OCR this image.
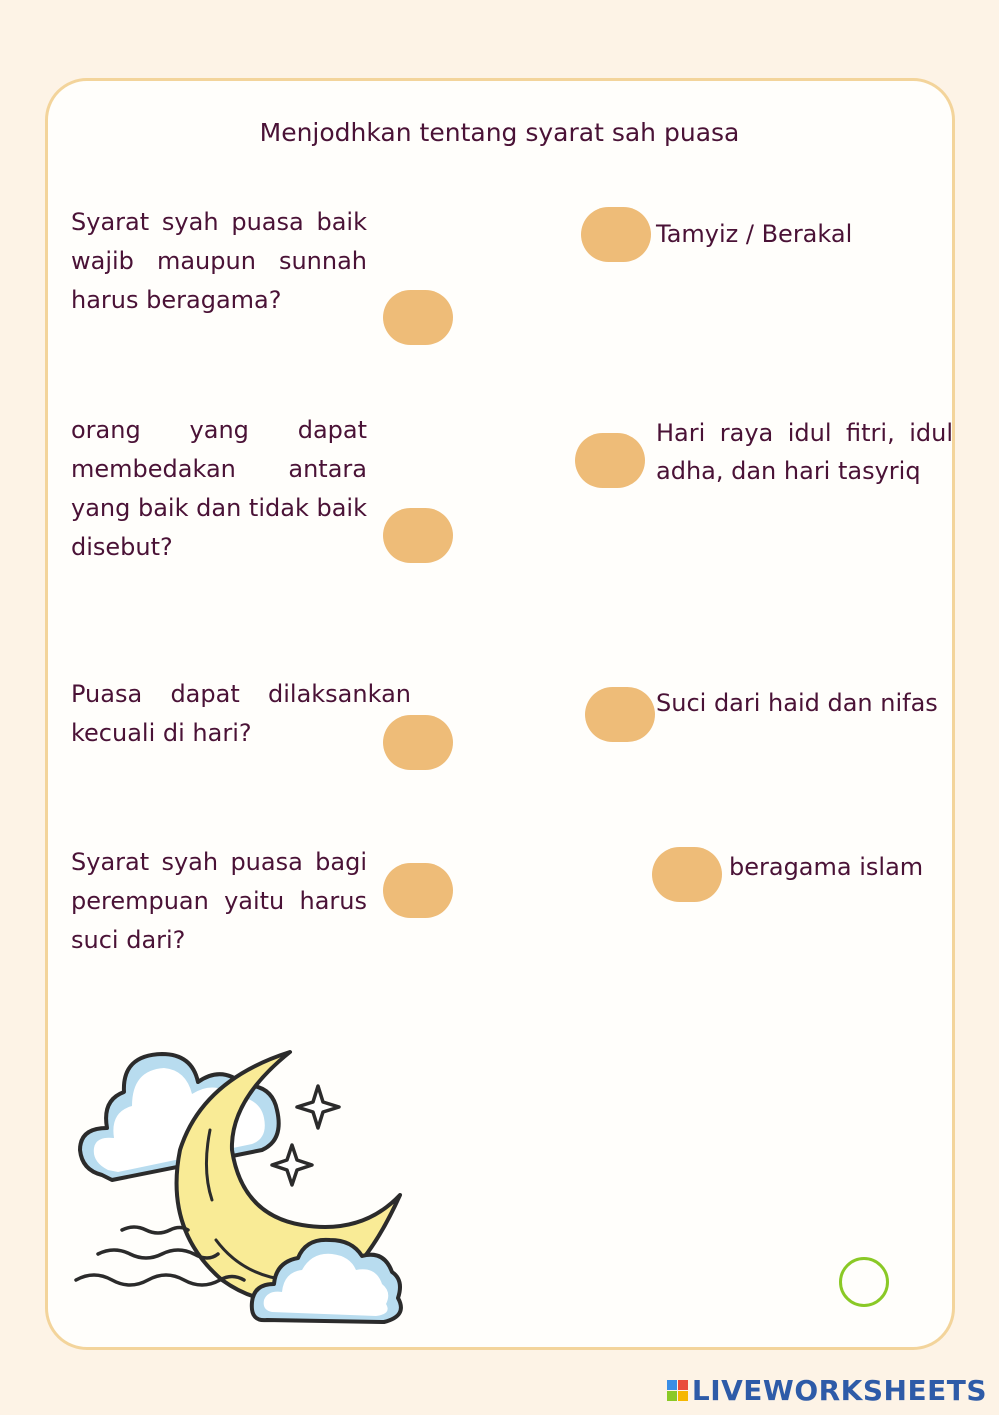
Menjodhkan tentang syarat sah puasa
Syarat syah puasa baik wajib maupun sunnah harus beragama?
orang yang dapat membedakan antara yang baik dan tidak baik disebut?
Puasa dapat dilaksankan kecuali di hari?
Syarat syah puasa bagi perempuan yaitu harus suci dari?
Tamyiz / Berakal
Hari raya idul fitri, idul adha, dan hari tasyriq
Suci dari haid dan nifas
beragama islam
LIVEWORKSHEETS
